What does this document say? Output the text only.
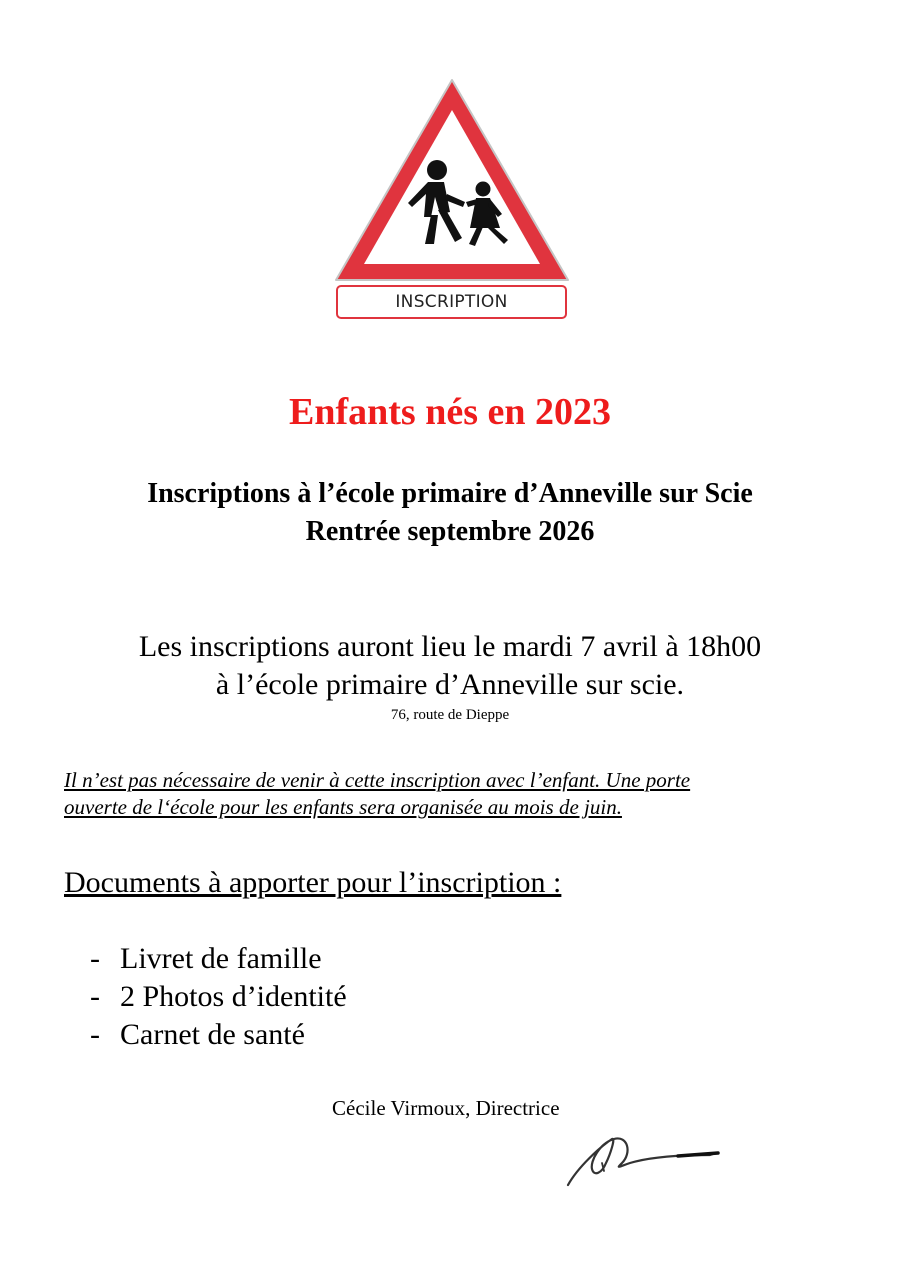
INSCRIPTION
Enfants nés en 2023
Inscriptions à l’école primaire d’Anneville sur Scie
Rentrée septembre 2026
Les inscriptions auront lieu le mardi 7 avril à 18h00
à l’école primaire d’Anneville sur scie.
76, route de Dieppe
Il n’est pas nécessaire de venir à cette inscription avec l’enfant. Une porte
ouverte de l‘école pour les enfants sera organisée au mois de juin.
Documents à apporter pour l’inscription :
- Livret de famille
- 2 Photos d’identité
- Carnet de santé
Cécile Virmoux, Directrice
